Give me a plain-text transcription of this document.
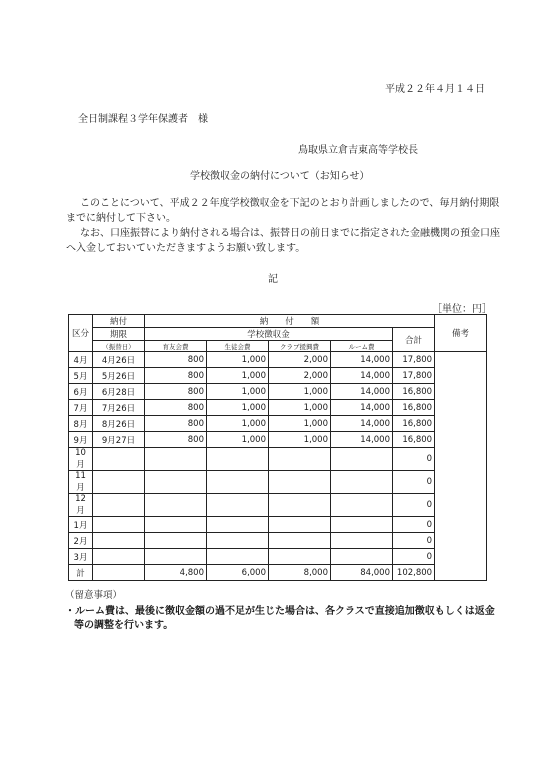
平成２２年４月１４日
全日制課程３学年保護者　様
鳥取県立倉吉東高等学校長
学校徴収金の納付について（お知らせ）
このことについて、平成２２年度学校徴収金を下記のとおり計画しましたので、毎月納付期限
までに納付して下さい。
なお、口座振替により納付される場合は、振替日の前日までに指定された金融機関の預金口座
へ入金しておいていただきますようお願い致します。
記
［単位：円］
区分	納付	納　　付　　額					備考
	期限	学校徴収金				合計	
	（振替日）	育友会費	生徒会費	クラブ援興費	ルーム費		
4月	4月26日	800	1,000	2,000	14,000	17,800	
5月	5月26日	800	1,000	2,000	14,000	17,800	
6月	6月28日	800	1,000	1,000	14,000	16,800	
7月	7月26日	800	1,000	1,000	14,000	16,800	
8月	8月26日	800	1,000	1,000	14,000	16,800	
9月	9月27日	800	1,000	1,000	14,000	16,800	
10月						0	
11月						0	
12月						0	
1月						0	
2月						0	
3月						0	
計		4,800	6,000	8,000	84,000	102,800	
（留意事項）
・ルーム費は、最後に徴収金額の過不足が生じた場合は、各クラスで直接追加徴収もしくは返金
等の調整を行います。
